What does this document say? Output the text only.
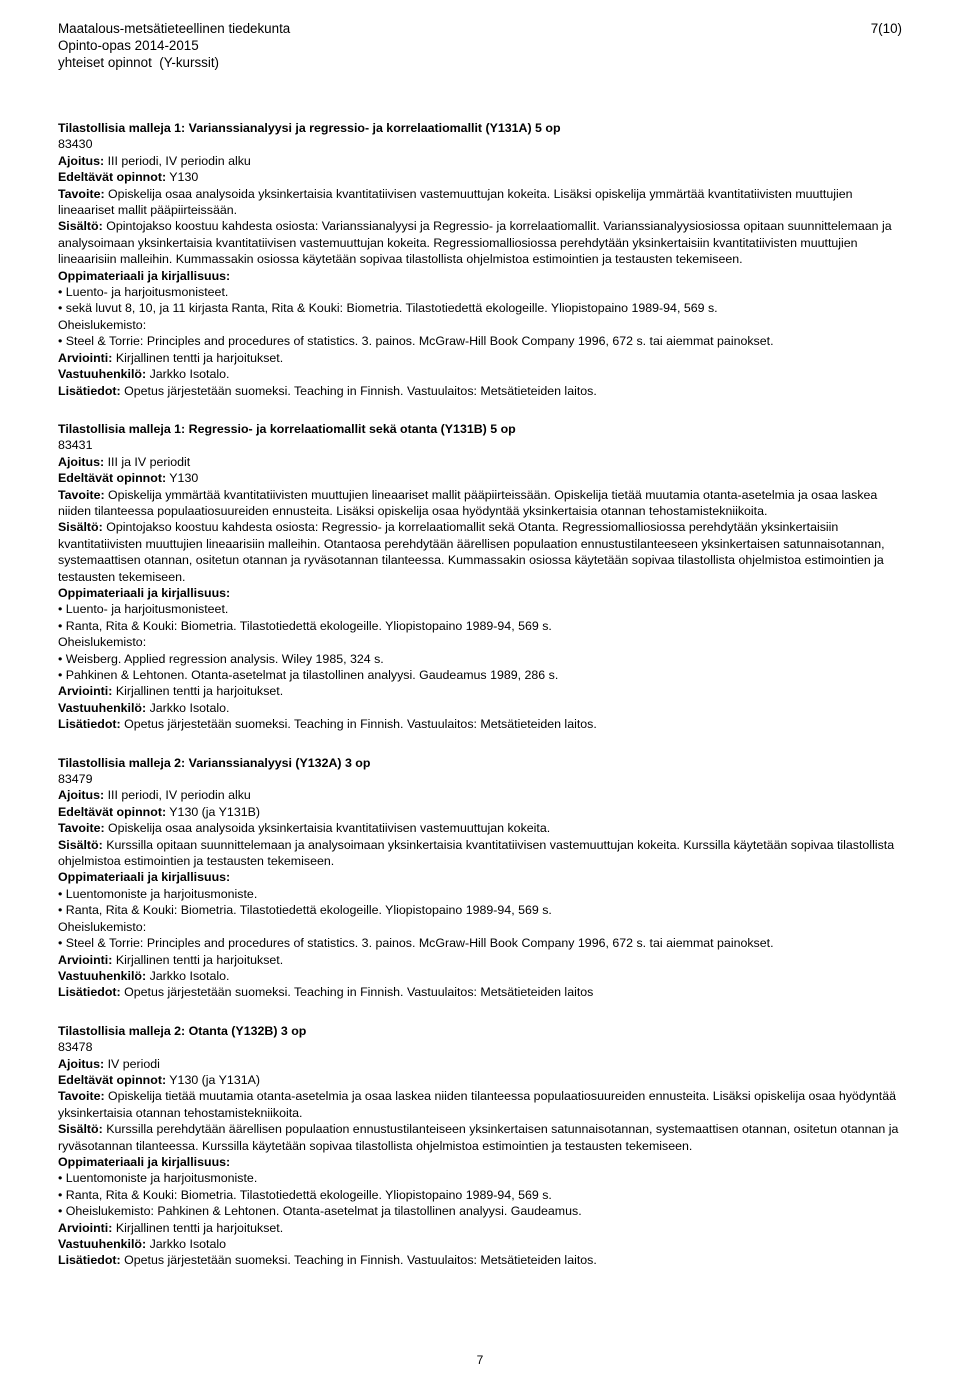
Maatalous-metsätieteellinen tiedekunta
Opinto-opas 2014-2015
yhteiset opinnot  (Y-kurssit)
7(10)
Tilastollisia malleja 1: Varianssianalyysi ja regressio- ja korrelaatiomallit (Y131A) 5 op
83430
Ajoitus: III periodi, IV periodin alku
Edeltävät opinnot: Y130
Tavoite: Opiskelija osaa analysoida yksinkertaisia kvantitatiivisen vastemuuttujan kokeita. Lisäksi opiskelija ymmärtää kvantitatiivisten muuttujien lineaariset mallit pääpiirteissään.
Sisältö: Opintojakso koostuu kahdesta osiosta: Varianssianalyysi ja Regressio- ja korrelaatiomallit. Varianssianalyysiosiossa opitaan suunnittelemaan ja analysoimaan yksinkertaisia kvantitatiivisen vastemuuttujan kokeita. Regressiomalliosiossa perehdytään yksinkertaisiin kvantitatiivisten muuttujien lineaarisiin malleihin. Kummassakin osiossa käytetään sopivaa tilastollista ohjelmistoa estimointien ja testausten tekemiseen.
Oppimateriaali ja kirjallisuus:
• Luento- ja harjoitusmonisteet.
• sekä luvut 8, 10, ja 11 kirjasta Ranta, Rita & Kouki: Biometria. Tilastotiedettä ekologeille. Yliopistopaino 1989-94, 569 s.
Oheislukemisto:
• Steel & Torrie: Principles and procedures of statistics. 3. painos. McGraw-Hill Book Company 1996, 672 s. tai aiemmat painokset.
Arviointi: Kirjallinen tentti ja harjoitukset.
Vastuuhenkilö: Jarkko Isotalo.
Lisätiedot: Opetus järjestetään suomeksi. Teaching in Finnish. Vastuulaitos: Metsätieteiden laitos.
Tilastollisia malleja 1: Regressio- ja korrelaatiomallit sekä otanta (Y131B) 5 op
83431
Ajoitus: III ja IV periodit
Edeltävät opinnot: Y130
Tavoite: Opiskelija ymmärtää kvantitatiivisten muuttujien lineaariset mallit pääpiirteissään. Opiskelija tietää muutamia otanta-asetelmia ja osaa laskea niiden tilanteessa populaatiosuureiden ennusteita. Lisäksi opiskelija osaa hyödyntää yksinkertaisia otannan tehostamistekniikoita.
Sisältö: Opintojakso koostuu kahdesta osiosta: Regressio- ja korrelaatiomallit sekä Otanta. Regressiomalliosiossa perehdytään yksinkertaisiin kvantitatiivisten muuttujien lineaarisiin malleihin. Otantaosa perehdytään äärellisen populaation ennustustilanteeseen yksinkertaisen satunnaisotannan, systemaattisen otannan, ositetun otannan ja ryväsotannan tilanteessa. Kummassakin osiossa käytetään sopivaa tilastollista ohjelmistoa estimointien ja testausten tekemiseen.
Oppimateriaali ja kirjallisuus:
• Luento- ja harjoitusmonisteet.
• Ranta, Rita & Kouki: Biometria. Tilastotiedettä ekologeille. Yliopistopaino 1989-94, 569 s.
Oheislukemisto:
• Weisberg. Applied regression analysis. Wiley 1985, 324 s.
• Pahkinen & Lehtonen. Otanta-asetelmat ja tilastollinen analyysi. Gaudeamus 1989, 286 s.
Arviointi: Kirjallinen tentti ja harjoitukset.
Vastuuhenkilö: Jarkko Isotalo.
Lisätiedot: Opetus järjestetään suomeksi. Teaching in Finnish. Vastuulaitos: Metsätieteiden laitos.
Tilastollisia malleja 2: Varianssianalyysi (Y132A) 3 op
83479
Ajoitus: III periodi, IV periodin alku
Edeltävät opinnot: Y130 (ja Y131B)
Tavoite: Opiskelija osaa analysoida yksinkertaisia kvantitatiivisen vastemuuttujan kokeita.
Sisältö: Kurssilla opitaan suunnittelemaan ja analysoimaan yksinkertaisia kvantitatiivisen vastemuuttujan kokeita. Kurssilla käytetään sopivaa tilastollista ohjelmistoa estimointien ja testausten tekemiseen.
Oppimateriaali ja kirjallisuus:
• Luentomoniste ja harjoitusmoniste.
• Ranta, Rita & Kouki: Biometria. Tilastotiedettä ekologeille. Yliopistopaino 1989-94, 569 s.
Oheislukemisto:
• Steel & Torrie: Principles and procedures of statistics. 3. painos. McGraw-Hill Book Company 1996, 672 s. tai aiemmat painokset.
Arviointi: Kirjallinen tentti ja harjoitukset.
Vastuuhenkilö: Jarkko Isotalo.
Lisätiedot: Opetus järjestetään suomeksi. Teaching in Finnish. Vastuulaitos: Metsätieteiden laitos
Tilastollisia malleja 2: Otanta (Y132B) 3 op
83478
Ajoitus: IV periodi
Edeltävät opinnot: Y130 (ja Y131A)
Tavoite: Opiskelija tietää muutamia otanta-asetelmia ja osaa laskea niiden tilanteessa populaatiosuureiden ennusteita. Lisäksi opiskelija osaa hyödyntää yksinkertaisia otannan tehostamistekniikoita.
Sisältö: Kurssilla perehdytään äärellisen populaation ennustustilanteiseen yksinkertaisen satunnaisotannan, systemaattisen otannan, ositetun otannan ja ryväsotannan tilanteessa. Kurssilla käytetään sopivaa tilastollista ohjelmistoa estimointien ja testausten tekemiseen.
Oppimateriaali ja kirjallisuus:
• Luentomoniste ja harjoitusmoniste.
• Ranta, Rita & Kouki: Biometria. Tilastotiedettä ekologeille. Yliopistopaino 1989-94, 569 s.
• Oheislukemisto: Pahkinen & Lehtonen. Otanta-asetelmat ja tilastollinen analyysi. Gaudeamus.
Arviointi: Kirjallinen tentti ja harjoitukset.
Vastuuhenkilö: Jarkko Isotalo
Lisätiedot: Opetus järjestetään suomeksi. Teaching in Finnish. Vastuulaitos: Metsätieteiden laitos.
7
